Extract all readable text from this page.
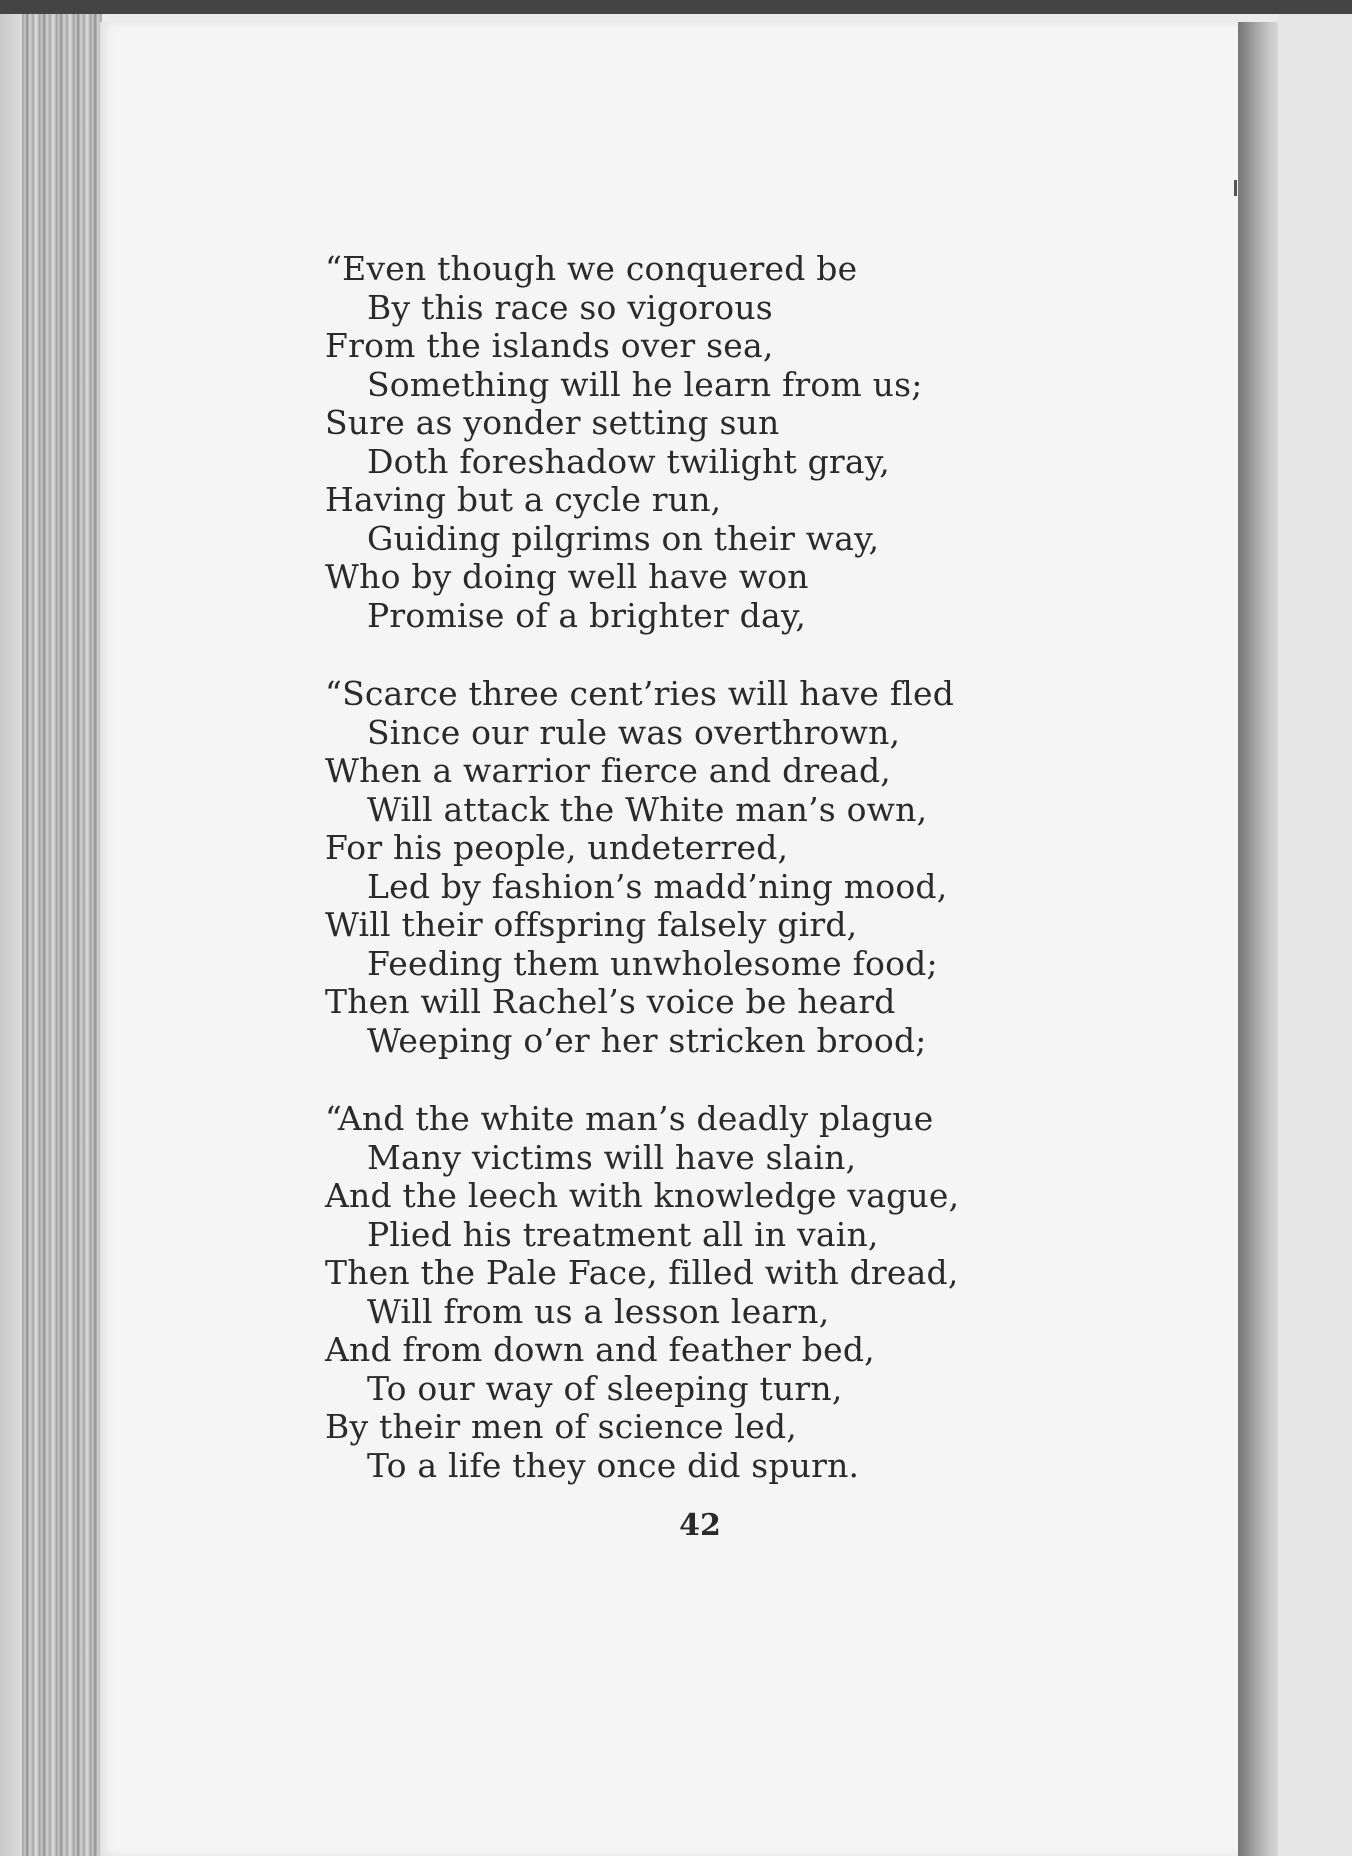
“Even though we conquered be
By this race so vigorous
From the islands over sea,
Something will he learn from us;
Sure as yonder setting sun
Doth foreshadow twilight gray,
Having but a cycle run,
Guiding pilgrims on their way,
Who by doing well have won
Promise of a brighter day,
“Scarce three cent’ries will have fled
Since our rule was overthrown,
When a warrior fierce and dread,
Will attack the White man’s own,
For his people, undeterred,
Led by fashion’s madd’ning mood,
Will their offspring falsely gird,
Feeding them unwholesome food;
Then will Rachel’s voice be heard
Weeping o’er her stricken brood;
“And the white man’s deadly plague
Many victims will have slain,
And the leech with knowledge vague,
Plied his treatment all in vain,
Then the Pale Face, filled with dread,
Will from us a lesson learn,
And from down and feather bed,
To our way of sleeping turn,
By their men of science led,
To a life they once did spurn.
42
